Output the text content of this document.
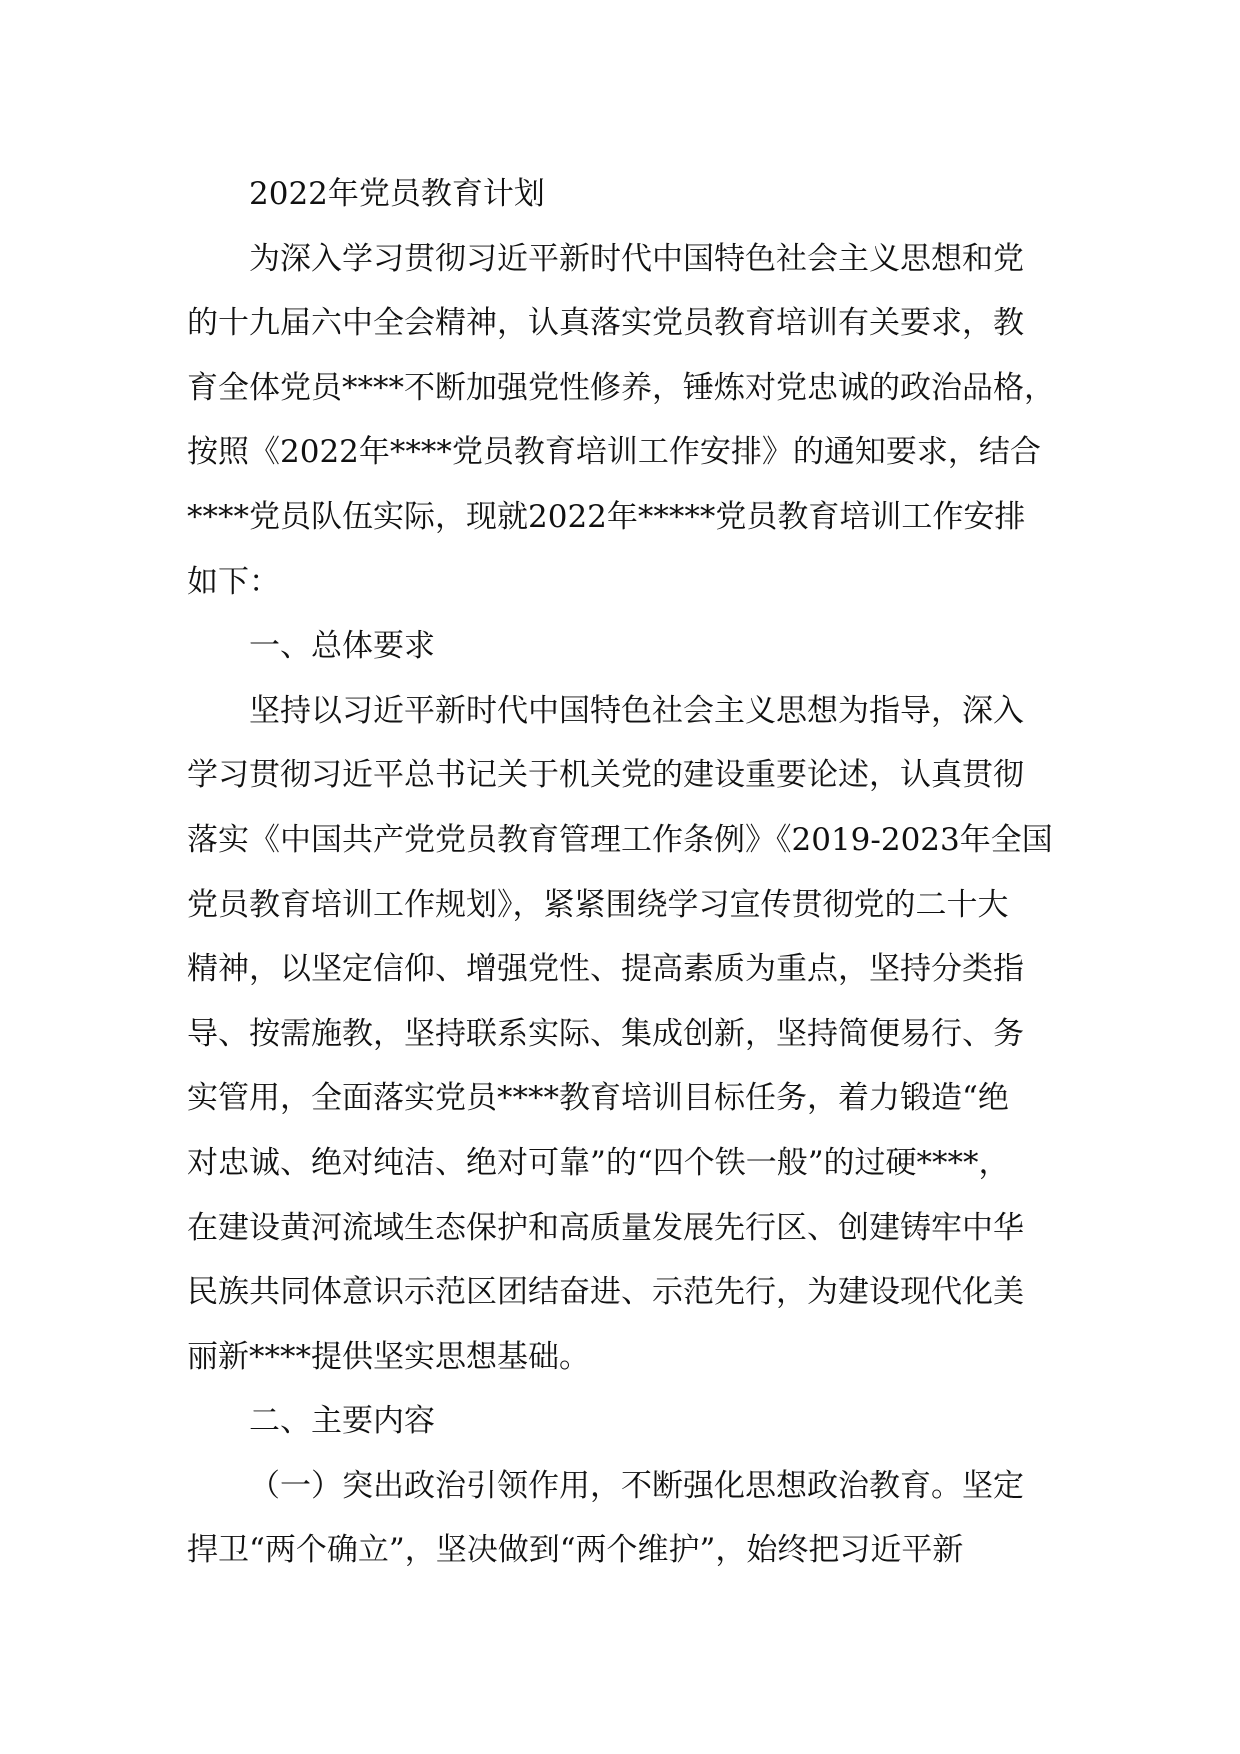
2022年党员教育计划
为深入学习贯彻习近平新时代中国特色社会主义思想和党
的十九届六中全会精神，认真落实党员教育培训有关要求，教
育全体党员****不断加强党性修养，锤炼对党忠诚的政治品格，
按照《2022年****党员教育培训工作安排》的通知要求，结合
****党员队伍实际，现就2022年*****党员教育培训工作安排
如下：
一、总体要求
坚持以习近平新时代中国特色社会主义思想为指导，深入
学习贯彻习近平总书记关于机关党的建设重要论述，认真贯彻
落实《中国共产党党员教育管理工作条例》《2019-2023年全国
党员教育培训工作规划》，紧紧围绕学习宣传贯彻党的二十大
精神，以坚定信仰、增强党性、提高素质为重点，坚持分类指
导、按需施教，坚持联系实际、集成创新，坚持简便易行、务
实管用，全面落实党员****教育培训目标任务，着力锻造“绝
对忠诚、绝对纯洁、绝对可靠”的“四个铁一般”的过硬****，
在建设黄河流域生态保护和高质量发展先行区、创建铸牢中华
民族共同体意识示范区团结奋进、示范先行，为建设现代化美
丽新****提供坚实思想基础。
二、主要内容
（一）突出政治引领作用，不断强化思想政治教育。坚定
捍卫“两个确立”，坚决做到“两个维护”，始终把习近平新
